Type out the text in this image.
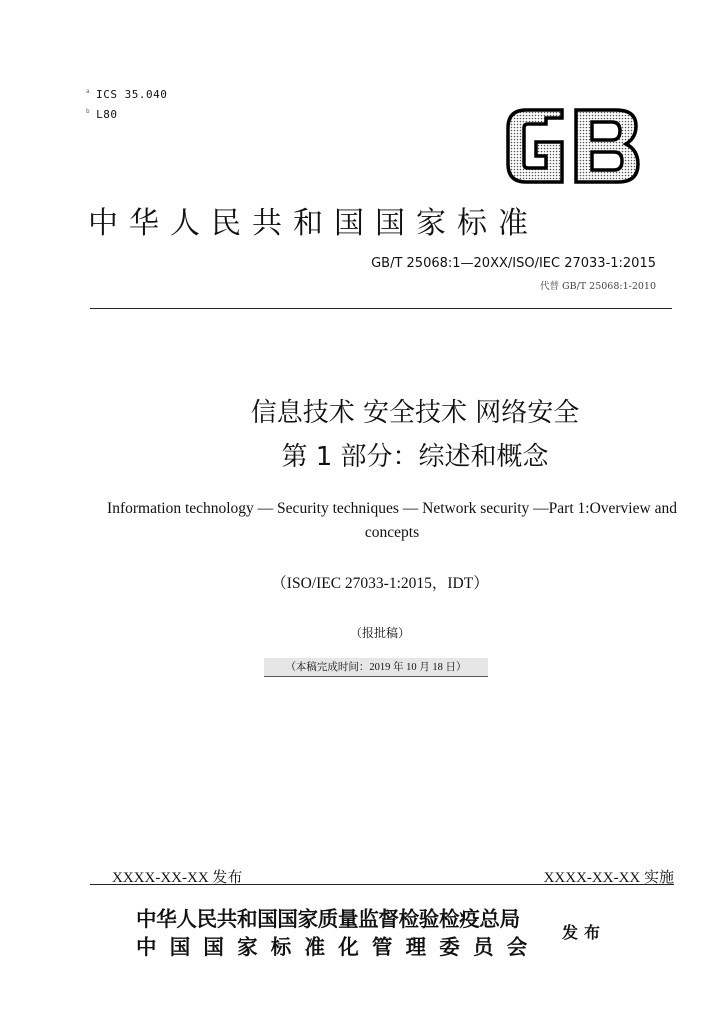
$^a$ ICS 35.040
$^b$ L80
中华人民共和国国家标准
GB/T 25068:1—20XX/ISO/IEC 27033-1:2015
代替 GB/T 25068:1-2010
信息技术 安全技术 网络安全
第 1 部分：综述和概念
Information technology — Security techniques — Network security —Part 1:Overview and concepts
（ISO/IEC 27033-1:2015，IDT）
（报批稿）
（本稿完成时间：2019 年 10 月 18 日）
XXXX-XX-XX 发布	XXXX-XX-XX 实施
中华人民共和国国家质量监督检验检疫总局
中国国家标准化管理委员会
发布
